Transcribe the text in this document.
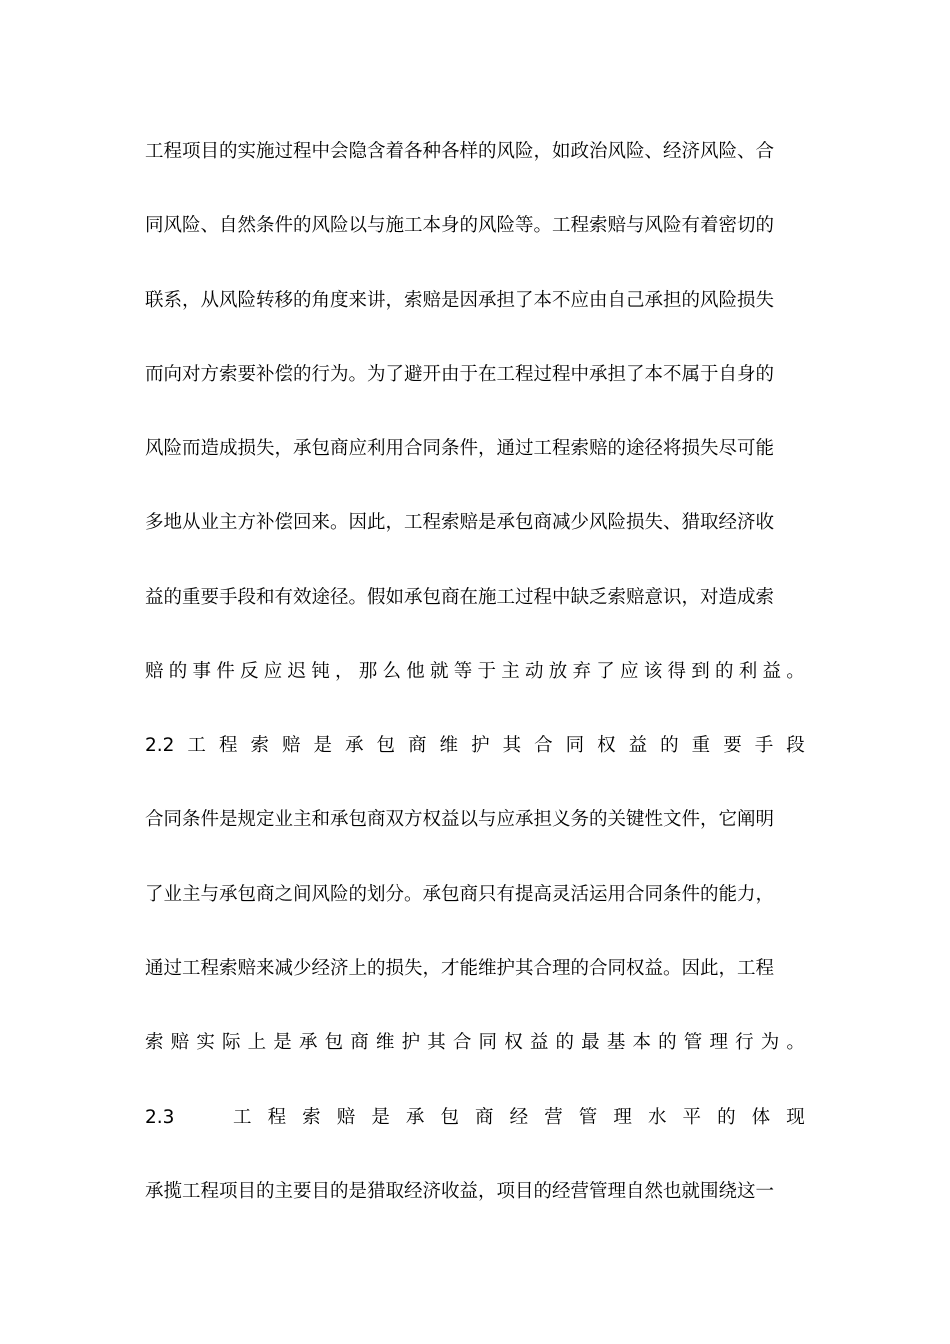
工程项目的实施过程中会隐含着各种各样的风险，如政治风险、经济风险、合
同风险、自然条件的风险以与施工本身的风险等。工程索赔与风险有着密切的
联系，从风险转移的角度来讲，索赔是因承担了本不应由自己承担的风险损失
而向对方索要补偿的行为。为了避开由于在工程过程中承担了本不属于自身的
风险而造成损失，承包商应利用合同条件，通过工程索赔的途径将损失尽可能
多地从业主方补偿回来。因此，工程索赔是承包商减少风险损失、猎取经济收
益的重要手段和有效途径。假如承包商在施工过程中缺乏索赔意识，对造成索
赔 的 事 件 反 应 迟 钝 ， 那 么 他 就 等 于 主 动 放 弃 了 应 该 得 到 的 利 益 。
2.2 工 程 索 赔 是 承 包 商 维 护 其 合 同 权 益 的 重 要 手 段
合同条件是规定业主和承包商双方权益以与应承担义务的关键性文件，它阐明
了业主与承包商之间风险的划分。承包商只有提高灵活运用合同条件的能力，
通过工程索赔来减少经济上的损失，才能维护其合理的合同权益。因此，工程
索 赔 实 际 上 是 承 包 商 维 护 其 合 同 权 益 的 最 基 本 的 管 理 行 为 。
2.3	工 程 索 赔 是 承 包 商 经 营 管 理 水 平 的 体 现
承揽工程项目的主要目的是猎取经济收益，项目的经营管理自然也就围绕这一
